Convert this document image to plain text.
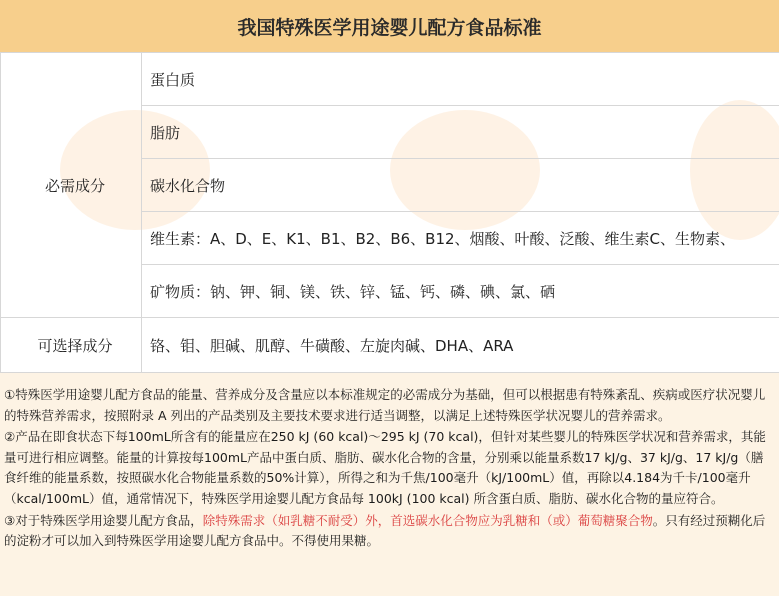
我国特殊医学用途婴儿配方食品标准
必需成分	蛋白质
	脂肪
	碳水化合物
	维生素：A、D、E、K1、B1、B2、B6、B12、烟酸、叶酸、泛酸、维生素C、生物素、
	矿物质：钠、钾、铜、镁、铁、锌、锰、钙、磷、碘、氯、硒
可选择成分	铬、钼、胆碱、肌醇、牛磺酸、左旋肉碱、DHA、ARA

①特殊医学用途婴儿配方食品的能量、营养成分及含量应以本标准规定的必需成分为基础，但可以根据患有特殊紊乱、疾病或医疗状况婴儿的特殊营养需求，按照附录 A 列出的产品类别及主要技术要求进行适当调整，以满足上述特殊医学状况婴儿的营养需求。

②产品在即食状态下每100mL所含有的能量应在250 kJ (60 kcal)～295 kJ (70 kcal)，但针对某些婴儿的特殊医学状况和营养需求，其能量可进行相应调整。能量的计算按每100mL产品中蛋白质、脂肪、碳水化合物的含量，分别乘以能量系数17 kJ/g、37 kJ/g、17 kJ/g（膳食纤维的能量系数，按照碳水化合物能量系数的50%计算），所得之和为千焦/100毫升（kJ/100mL）值，再除以4.184为千卡/100毫升（kcal/100mL）值，通常情况下，特殊医学用途婴儿配方食品每 100kJ (100 kcal) 所含蛋白质、脂肪、碳水化合物的量应符合。

③对于特殊医学用途婴儿配方食品，除特殊需求（如乳糖不耐受）外，首选碳水化合物应为乳糖和（或）葡萄糖聚合物。只有经过预糊化后的淀粉才可以加入到特殊医学用途婴儿配方食品中。不得使用果糖。
